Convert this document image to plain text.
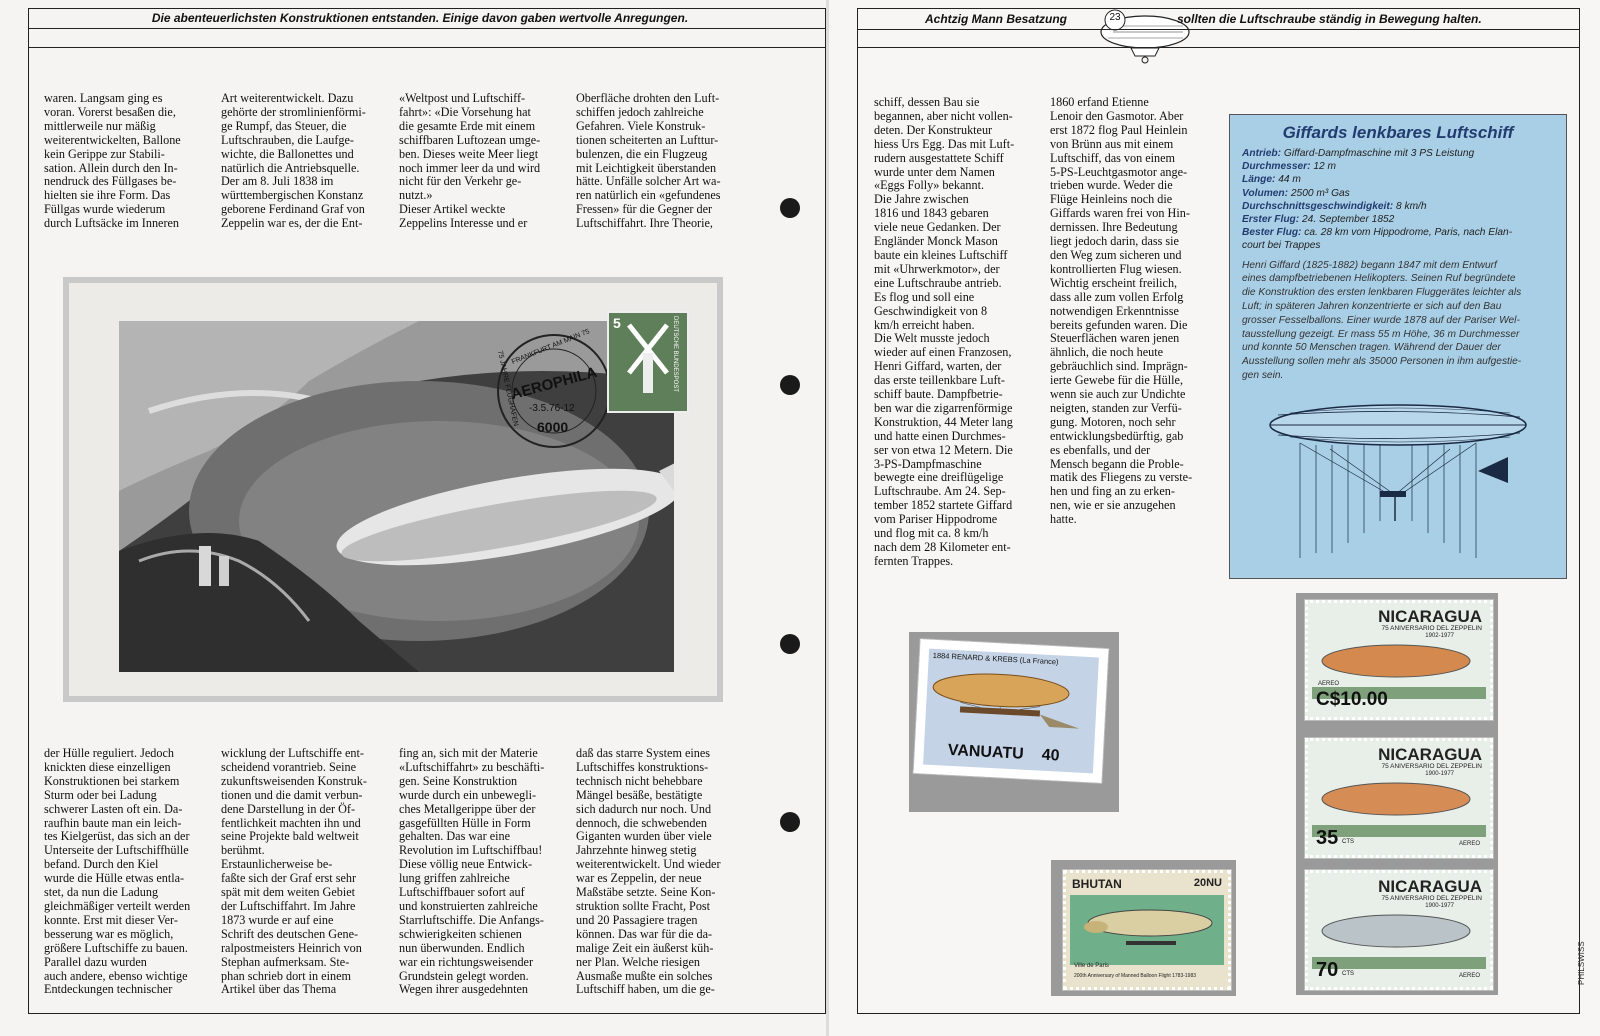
Die abenteuerlichsten Konstruktionen entstanden. Einige davon gaben wertvolle Anregungen.
waren. Langsam ging es
voran. Vorerst besaßen die,
mittlerweile nur mäßig
weiterentwickelten, Ballone
kein Gerippe zur Stabili-
sation. Allein durch den In-
nendruck des Füllgases be-
hielten sie ihre Form. Das
Füllgas wurde wiederum
durch Luftsäcke im Inneren
Art weiterentwickelt. Dazu
gehörte der stromlinienförmi-
ge Rumpf, das Steuer, die
Luftschrauben, die Laufge-
wichte, die Ballonettes und
natürlich die Antriebsquelle.
Der am 8. Juli 1838 im
württembergischen Konstanz
geborene Ferdinand Graf von
Zeppelin war es, der die Ent-
«Weltpost und Luftschiff-
fahrt»: «Die Vorsehung hat
die gesamte Erde mit einem
schiffbaren Luftozean umge-
ben. Dieses weite Meer liegt
noch immer leer da und wird
nicht für den Verkehr ge-
nutzt.»
Dieser Artikel weckte
Zeppelins Interesse und er
Oberfläche drohten den Luft-
schiffen jedoch zahlreiche
Gefahren. Viele Konstruk-
tionen scheiterten an Lufttur-
bulenzen, die ein Flugzeug
mit Leichtigkeit überstanden
hätte. Unfälle solcher Art wa-
ren natürlich ein «gefundenes
Fressen» für die Gegner der
Luftschiffahrt. Ihre Theorie,
AEROPHILA
-3.5.76-12
6000
FRANKFURT AM MAIN 75
75 JAHRE FLUGHAFEN
5	DEUTSCHE BUNDESPOST
der Hülle reguliert. Jedoch
knickten diese einzelligen
Konstruktionen bei starkem
Sturm oder bei Ladung
schwerer Lasten oft ein. Da-
raufhin baute man ein leich-
tes Kielgerüst, das sich an der
Unterseite der Luftschiffhülle
befand. Durch den Kiel
wurde die Hülle etwas entla-
stet, da nun die Ladung
gleichmäßiger verteilt werden
konnte. Erst mit dieser Ver-
besserung war es möglich,
größere Luftschiffe zu bauen.
Parallel dazu wurden
auch andere, ebenso wichtige
Entdeckungen technischer
wicklung der Luftschiffe ent-
scheidend vorantrieb. Seine
zukunftsweisenden Konstruk-
tionen und die damit verbun-
dene Darstellung in der Öf-
fentlichkeit machten ihn und
seine Projekte bald weltweit
berühmt.
Erstaunlicherweise be-
faßte sich der Graf erst sehr
spät mit dem weiten Gebiet
der Luftschiffahrt. Im Jahre
1873 wurde er auf eine
Schrift des deutschen Gene-
ralpostmeisters Heinrich von
Stephan aufmerksam. Ste-
phan schrieb dort in einem
Artikel über das Thema
fing an, sich mit der Materie
«Luftschiffahrt» zu beschäfti-
gen. Seine Konstruktion
wurde durch ein unbewegli-
ches Metallgerippe über der
gasgefüllten Hülle in Form
gehalten. Das war eine
Revolution im Luftschiffbau!
Diese völlig neue Entwick-
lung griffen zahlreiche
Luftschiffbauer sofort auf
und konstruierten zahlreiche
Starrluftschiffe. Die Anfangs-
schwierigkeiten schienen
nun überwunden. Endlich
war ein richtungsweisender
Grundstein gelegt worden.
Wegen ihrer ausgedehnten
daß das starre System eines
Luftschiffes konstruktions-
technisch nicht behebbare
Mängel besäße, bestätigte
sich dadurch nur noch. Und
dennoch, die schwebenden
Giganten wurden über viele
Jahrzehnte hinweg stetig
weiterentwickelt. Und wieder
war es Zeppelin, der neue
Maßstäbe setzte. Seine Kon-
struktion sollte Fracht, Post
und 20 Passagiere tragen
können. Das war für die da-
malige Zeit ein äußerst küh-
ner Plan. Welche riesigen
Ausmaße mußte ein solches
Luftschiff haben, um die ge-
Achtzig Mann Besatzung	23	sollten die Luftschraube ständig in Bewegung halten.
schiff, dessen Bau sie
begannen, aber nicht vollen-
deten. Der Konstrukteur
hiess Urs Egg. Das mit Luft-
rudern ausgestattete Schiff
wurde unter dem Namen
«Eggs Folly» bekannt.
Die Jahre zwischen
1816 und 1843 gebaren
viele neue Gedanken. Der
Engländer Monck Mason
baute ein kleines Luftschiff
mit «Uhrwerkmotor», der
eine Luftschraube antrieb.
Es flog und soll eine
Geschwindigkeit von 8
km/h erreicht haben.
Die Welt musste jedoch
wieder auf einen Franzosen,
Henri Giffard, warten, der
das erste teillenkbare Luft-
schiff baute. Dampfbetrie-
ben war die zigarrenförmige
Konstruktion, 44 Meter lang
und hatte einen Durchmes-
ser von etwa 12 Metern. Die
3-PS-Dampfmaschine
bewegte eine dreiflügelige
Luftschraube. Am 24. Sep-
tember 1852 startete Giffard
vom Pariser Hippodrome
und flog mit ca. 8 km/h
nach dem 28 Kilometer ent-
fernten Trappes.
1860 erfand Etienne
Lenoir den Gasmotor. Aber
erst 1872 flog Paul Heinlein
von Brünn aus mit einem
Luftschiff, das von einem
5-PS-Leuchtgasmotor ange-
trieben wurde. Weder die
Flüge Heinleins noch die
Giffards waren frei von Hin-
dernissen. Ihre Bedeutung
liegt jedoch darin, dass sie
den Weg zum sicheren und
kontrollierten Flug wiesen.
Wichtig erscheint freilich,
dass alle zum vollen Erfolg
notwendigen Erkenntnisse
bereits gefunden waren. Die
Steuerflächen waren jenen
ähnlich, die noch heute
gebräuchlich sind. Imprägn-
ierte Gewebe für die Hülle,
wenn sie auch zur Undichte
neigten, standen zur Verfü-
gung. Motoren, noch sehr
entwicklungsbedürftig, gab
es ebenfalls, und der
Mensch begann die Proble-
matik des Fliegens zu verste-
hen und fing an zu erken-
nen, wie er sie anzugehen
hatte.
Giffards lenkbares Luftschiff
Antrieb: Giffard-Dampfmaschine mit 3 PS Leistung
Durchmesser: 12 m
Länge: 44 m
Volumen: 2500 m³ Gas
Durchschnittsgeschwindigkeit: 8 km/h
Erster Flug: 24. September 1852
Bester Flug: ca. 28 km vom Hippodrome, Paris, nach Elan-
court bei Trappes
Henri Giffard (1825-1882) begann 1847 mit dem Entwurf
eines dampfbetriebenen Helikopters. Seinen Ruf begründete
die Konstruktion des ersten lenkbaren Fluggerätes leichter als
Luft; in späteren Jahren konzentrierte er sich auf den Bau
grosser Fesselballons. Einer wurde 1878 auf der Pariser Wel-
tausstellung gezeigt. Er mass 55 m Höhe, 36 m Durchmesser
und konnte 50 Menschen tragen. Während der Dauer der
Ausstellung sollen mehr als 35000 Personen in ihm aufgestie-
gen sein.
1884 RENARD & KREBS (La France)
VANUATU 40
BHUTAN	20NU
Ville de Paris
200th Anniversary of Manned Balloon Flight 1783-1983
NICARAGUA
75 ANIVERSARIO DEL ZEPPELIN
1902-1977
AEREO
C$10.00
NICARAGUA
75 ANIVERSARIO DEL ZEPPELIN
1900-1977
35 CTS	AEREO
NICARAGUA
75 ANIVERSARIO DEL ZEPPELIN
1900-1977
70 CTS	AEREO	PHILSWISS
